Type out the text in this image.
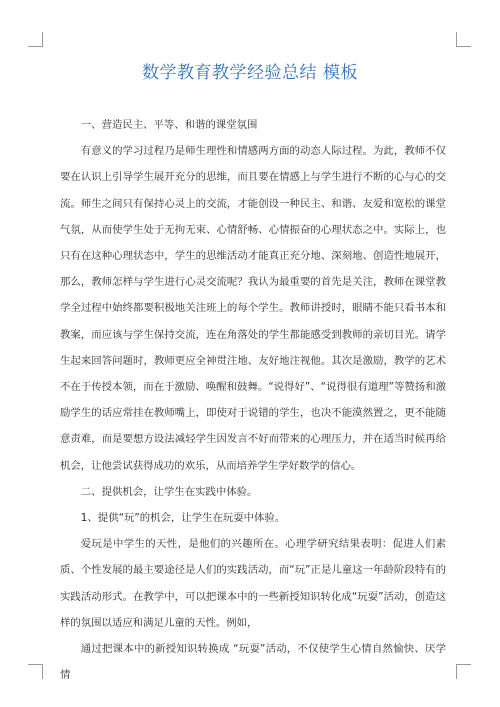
数学教育教学经验总结 模板

一、营造民主、平等、和谐的课堂氛围

有意义的学习过程乃是师生理性和情感两方面的动态人际过程。为此，教师不仅要在认识上引导学生展开充分的思维，而且要在情感上与学生进行不断的心与心的交流。师生之间只有保持心灵上的交流，才能创设一种民主、和谐、友爱和宽松的课堂气氛，从而使学生处于无拘无束、心情舒畅、心情振奋的心理状态之中。实际上，也只有在这种心理状态中，学生的思维活动才能真正充分地、深刻地、创造性地展开，那么，教师怎样与学生进行心灵交流呢？我认为最重要的首先是关注，教师在课堂教学全过程中始终都要积极地关注班上的每个学生。教师讲授时，眼睛不能只看书本和教案，而应该与学生保持交流，连在角落处的学生都能感受到教师的亲切目光。请学生起来回答问题时，教师更应全神贯注地、友好地注视他。其次是激励，教学的艺术不在于传授本领，而在于激励、唤醒和鼓舞。“说得好”、“说得很有道理”等赞扬和激励学生的话应常挂在教师嘴上，即使对于说错的学生，也决不能漠然置之，更不能随意责难，而是要想方设法减轻学生因发言不好而带来的心理压力，并在适当时候再给机会，让他尝试获得成功的欢乐，从而培养学生学好数学的信心。

二、提供机会，让学生在实践中体验。

1、提供“玩”的机会，让学生在玩耍中体验。

爱玩是中学生的天性，是他们的兴趣所在。心理学研究结果表明：促进人们素质、个性发展的最主要途径是人们的实践活动，而“玩”正是儿童这一年龄阶段特有的实践活动形式。在教学中，可以把课本中的一些新授知识转化成“玩耍”活动，创造这样的氛围以适应和满足儿童的天性。例如，

通过把课本中的新授知识转换成 “玩耍”活动，不仅使学生心情自然愉快、厌学情
